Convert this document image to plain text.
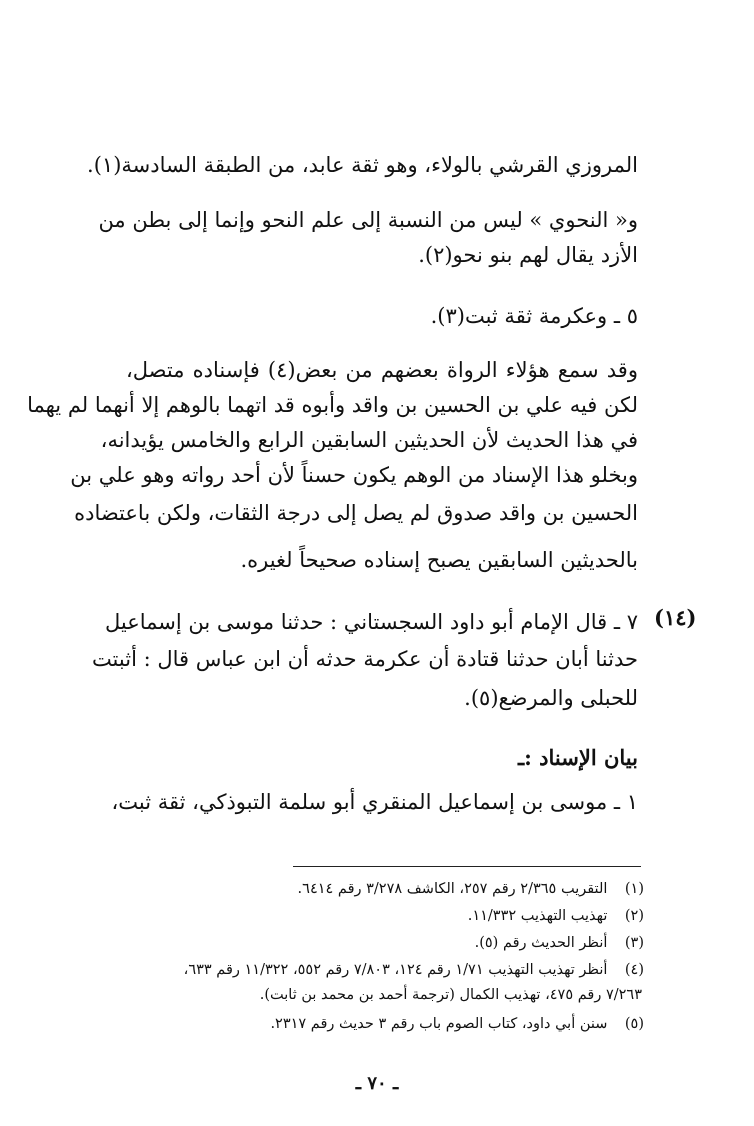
المروزي القرشي بالولاء، وهو ثقة عابد، من الطبقة السادسة(١).
و« النحوي » ليس من النسبة إلى علم النحو وإنما إلى بطن من
الأزد يقال لهم بنو نحو(٢).
٥ ـ وعكرمة ثقة ثبت(٣).
وقد سمع هؤلاء الرواة بعضهم من بعض(٤) فإسناده متصل،
لكن فيه علي بن الحسين بن واقد وأبوه قد اتهما بالوهم إلا أنهما لم يهما
في هذا الحديث لأن الحديثين السابقين الرابع والخامس يؤيدانه،
وبخلو هذا الإسناد من الوهم يكون حسناً لأن أحد رواته وهو علي بن
الحسين بن واقد صدوق لم يصل إلى درجة الثقات، ولكن باعتضاده
بالحديثين السابقين يصبح إسناده صحيحاً لغيره.
(١٤)
٧ ـ قال الإمام أبو داود السجستاني : حدثنا موسى بن إسماعيل
حدثنا أبان حدثنا قتادة أن عكرمة حدثه أن ابن عباس قال : أثبتت
للحبلى والمرضع(٥).
بيان الإسناد :ـ
١ ـ موسى بن إسماعيل المنقري أبو سلمة التبوذكي، ثقة ثبت،
(١) التقريب ٢/٣٦٥ رقم ٢٥٧، الكاشف ٣/٢٧٨ رقم ٦٤١٤.
(٢) تهذيب التهذيب ١١/٣٣٢.
(٣) أنظر الحديث رقم (٥).
(٤) أنظر تهذيب التهذيب ١/٧١ رقم ١٢٤، ٧/٨٠٣ رقم ٥٥٢، ١١/٣٢٢ رقم ٦٣٣،
٧/٢٦٣ رقم ٤٧٥، تهذيب الكمال (ترجمة أحمد بن محمد بن ثابت).
(٥) سنن أبي داود، كتاب الصوم باب رقم ٣ حديث رقم ٢٣١٧.
ـ ٧٠ ـ
